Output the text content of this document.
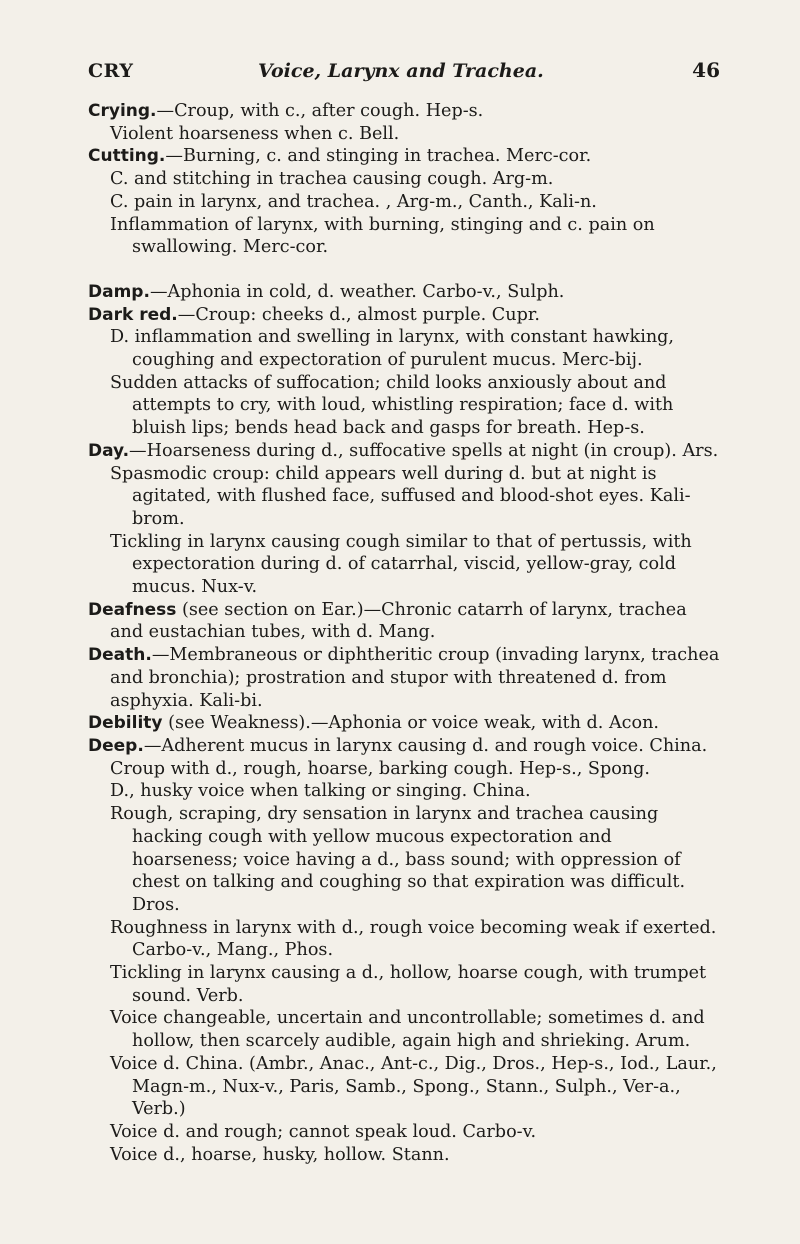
CRY	Voice, Larynx and Trachea.	46

Crying.—Croup, with c., after cough. Hep-s.

Violent hoarseness when c. Bell.

Cutting.—Burning, c. and stinging in trachea. Merc-cor.

C. and stitching in trachea causing cough. Arg-m.

C. pain in larynx, and trachea. , Arg-m., Canth., Kali-n.

Inflammation of larynx, with burning, stinging and c. pain on swallowing. Merc-cor.

Damp.—Aphonia in cold, d. weather. Carbo-v., Sulph.

Dark red.—Croup: cheeks d., almost purple. Cupr.

D. inflammation and swelling in larynx, with constant hawking, coughing and expectoration of purulent mucus. Merc-bij.

Sudden attacks of suffocation; child looks anxiously about and attempts to cry, with loud, whistling respiration; face d. with bluish lips; bends head back and gasps for breath. Hep-s.

Day.—Hoarseness during d., suffocative spells at night (in croup). Ars.

Spasmodic croup: child appears well during d. but at night is agitated, with flushed face, suffused and blood-shot eyes. Kali-brom.

Tickling in larynx causing cough similar to that of pertussis, with expectoration during d. of catarrhal, viscid, yellow-gray, cold mucus. Nux-v.

Deafness (see section on Ear.)—Chronic catarrh of larynx, trachea and eustachian tubes, with d. Mang.

Death.—Membraneous or diphtheritic croup (invading larynx, trachea and bronchia); prostration and stupor with threatened d. from asphyxia. Kali-bi.

Debility (see Weakness).—Aphonia or voice weak, with d. Acon.

Deep.—Adherent mucus in larynx causing d. and rough voice. China.

Croup with d., rough, hoarse, barking cough. Hep-s., Spong.

D., husky voice when talking or singing. China.

Rough, scraping, dry sensation in larynx and trachea causing hacking cough with yellow mucous expectoration and hoarseness; voice having a d., bass sound; with oppression of chest on talking and coughing so that expiration was difficult. Dros.

Roughness in larynx with d., rough voice becoming weak if exerted. Carbo-v., Mang., Phos.

Tickling in larynx causing a d., hollow, hoarse cough, with trumpet sound. Verb.

Voice changeable, uncertain and uncontrollable; sometimes d. and hollow, then scarcely audible, again high and shrieking. Arum.

Voice d. China. (Ambr., Anac., Ant-c., Dig., Dros., Hep-s., Iod., Laur., Magn-m., Nux-v., Paris, Samb., Spong., Stann., Sulph., Ver-a., Verb.)

Voice d. and rough; cannot speak loud. Carbo-v.

Voice d., hoarse, husky, hollow. Stann.
